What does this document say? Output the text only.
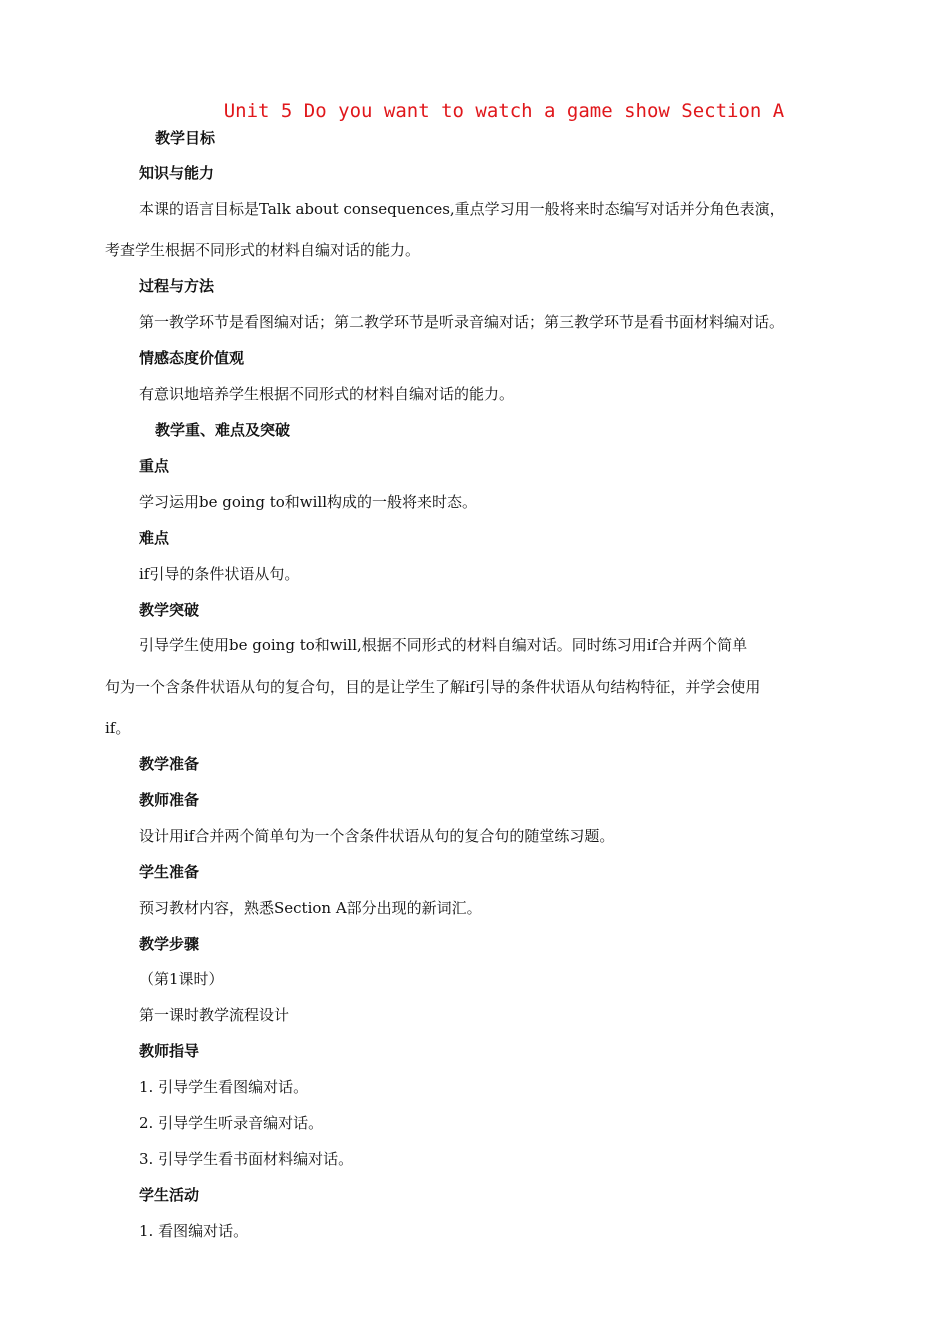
Unit 5 Do you want to watch a game show Section A
教学目标
知识与能力
本课的语言目标是Talk about consequences,重点学习用一般将来时态编写对话并分角色表演，
考查学生根据不同形式的材料自编对话的能力。
过程与方法
第一教学环节是看图编对话；第二教学环节是听录音编对话；第三教学环节是看书面材料编对话。
情感态度价值观
有意识地培养学生根据不同形式的材料自编对话的能力。
教学重、难点及突破
重点
学习运用be going to和will构成的一般将来时态。
难点
if引导的条件状语从句。
教学突破
引导学生使用be going to和will,根据不同形式的材料自编对话。同时练习用if合并两个简单
句为一个含条件状语从句的复合句，目的是让学生了解if引导的条件状语从句结构特征，并学会使用
if。
教学准备
教师准备
设计用if合并两个简单句为一个含条件状语从句的复合句的随堂练习题。
学生准备
预习教材内容，熟悉Section A部分出现的新词汇。
教学步骤
（第1课时）
第一课时教学流程设计
教师指导
1. 引导学生看图编对话。
2. 引导学生听录音编对话。
3. 引导学生看书面材料编对话。
学生活动
1. 看图编对话。
